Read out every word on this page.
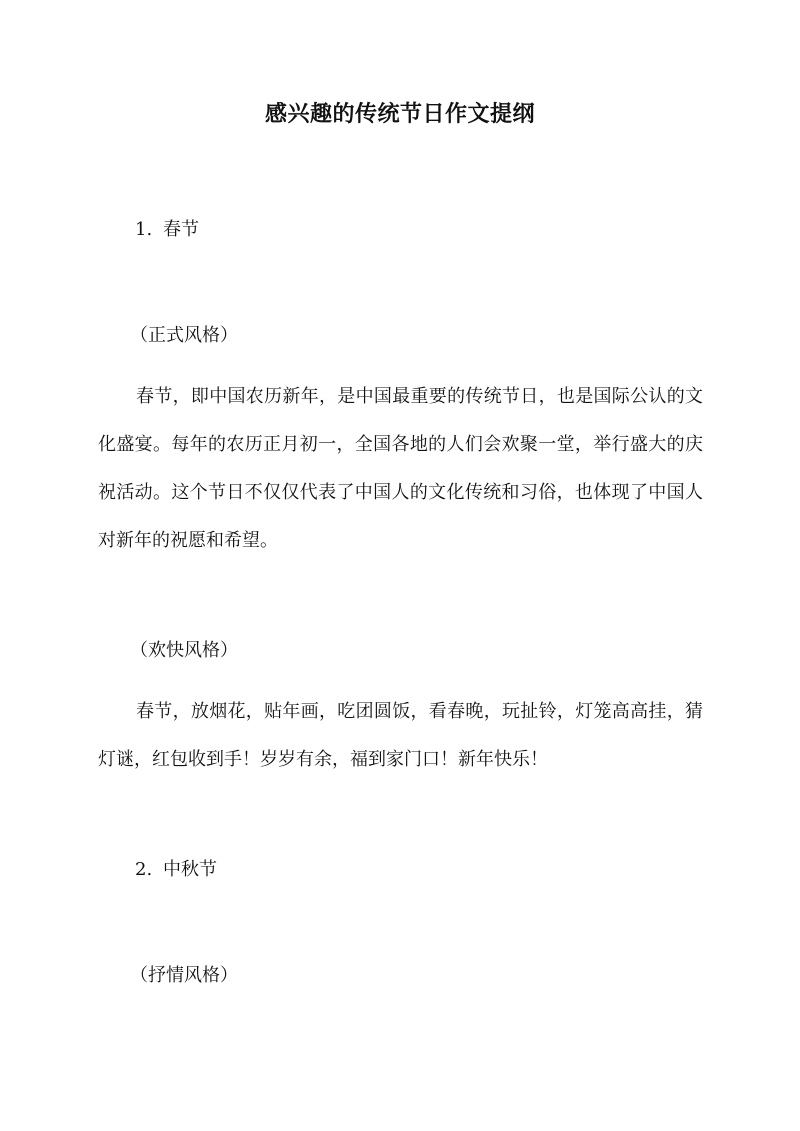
感兴趣的传统节日作文提纲
1. 春节
（正式风格）

春节，即中国农历新年，是中国最重要的传统节日，也是国际公认的文化盛宴。每年的农历正月初一，全国各地的人们会欢聚一堂，举行盛大的庆祝活动。这个节日不仅仅代表了中国人的文化传统和习俗，也体现了中国人对新年的祝愿和希望。

（欢快风格）

春节，放烟花，贴年画，吃团圆饭，看春晚，玩扯铃，灯笼高高挂，猜灯谜，红包收到手！岁岁有余，福到家门口！新年快乐！

2. 中秋节
（抒情风格）
